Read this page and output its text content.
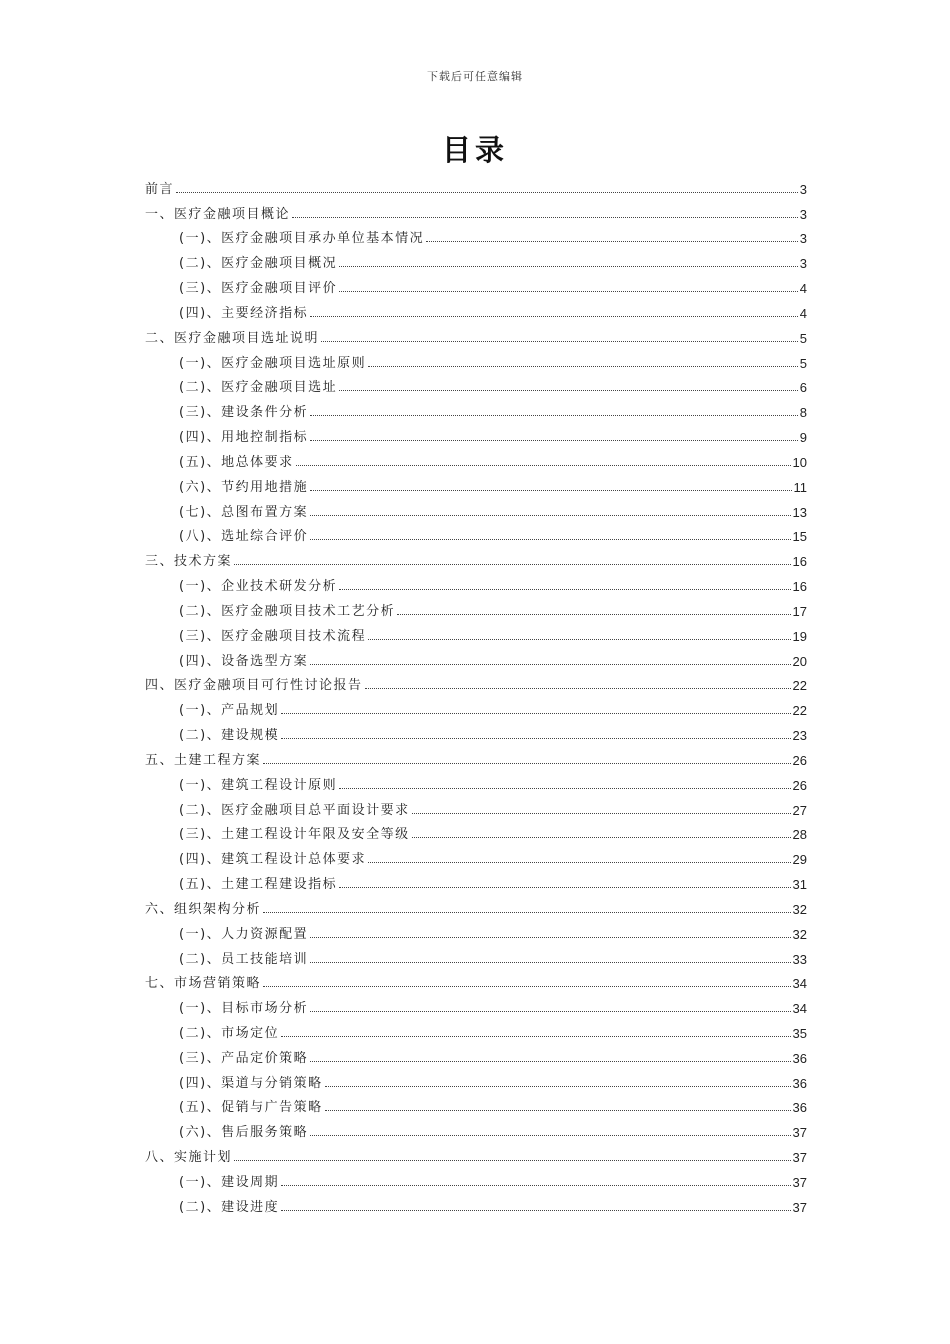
下载后可任意编辑
目录
前言	3
一、医疗金融项目概论	3
(一)、医疗金融项目承办单位基本情况	3
(二)、医疗金融项目概况	3
(三)、医疗金融项目评价	4
(四)、主要经济指标	4
二、医疗金融项目选址说明	5
(一)、医疗金融项目选址原则	5
(二)、医疗金融项目选址	6
(三)、建设条件分析	8
(四)、用地控制指标	9
(五)、地总体要求	10
(六)、节约用地措施	11
(七)、总图布置方案	13
(八)、选址综合评价	15
三、技术方案	16
(一)、企业技术研发分析	16
(二)、医疗金融项目技术工艺分析	17
(三)、医疗金融项目技术流程	19
(四)、设备选型方案	20
四、医疗金融项目可行性讨论报告	22
(一)、产品规划	22
(二)、建设规模	23
五、土建工程方案	26
(一)、建筑工程设计原则	26
(二)、医疗金融项目总平面设计要求	27
(三)、土建工程设计年限及安全等级	28
(四)、建筑工程设计总体要求	29
(五)、土建工程建设指标	31
六、组织架构分析	32
(一)、人力资源配置	32
(二)、员工技能培训	33
七、市场营销策略	34
(一)、目标市场分析	34
(二)、市场定位	35
(三)、产品定价策略	36
(四)、渠道与分销策略	36
(五)、促销与广告策略	36
(六)、售后服务策略	37
八、实施计划	37
(一)、建设周期	37
(二)、建设进度	37
